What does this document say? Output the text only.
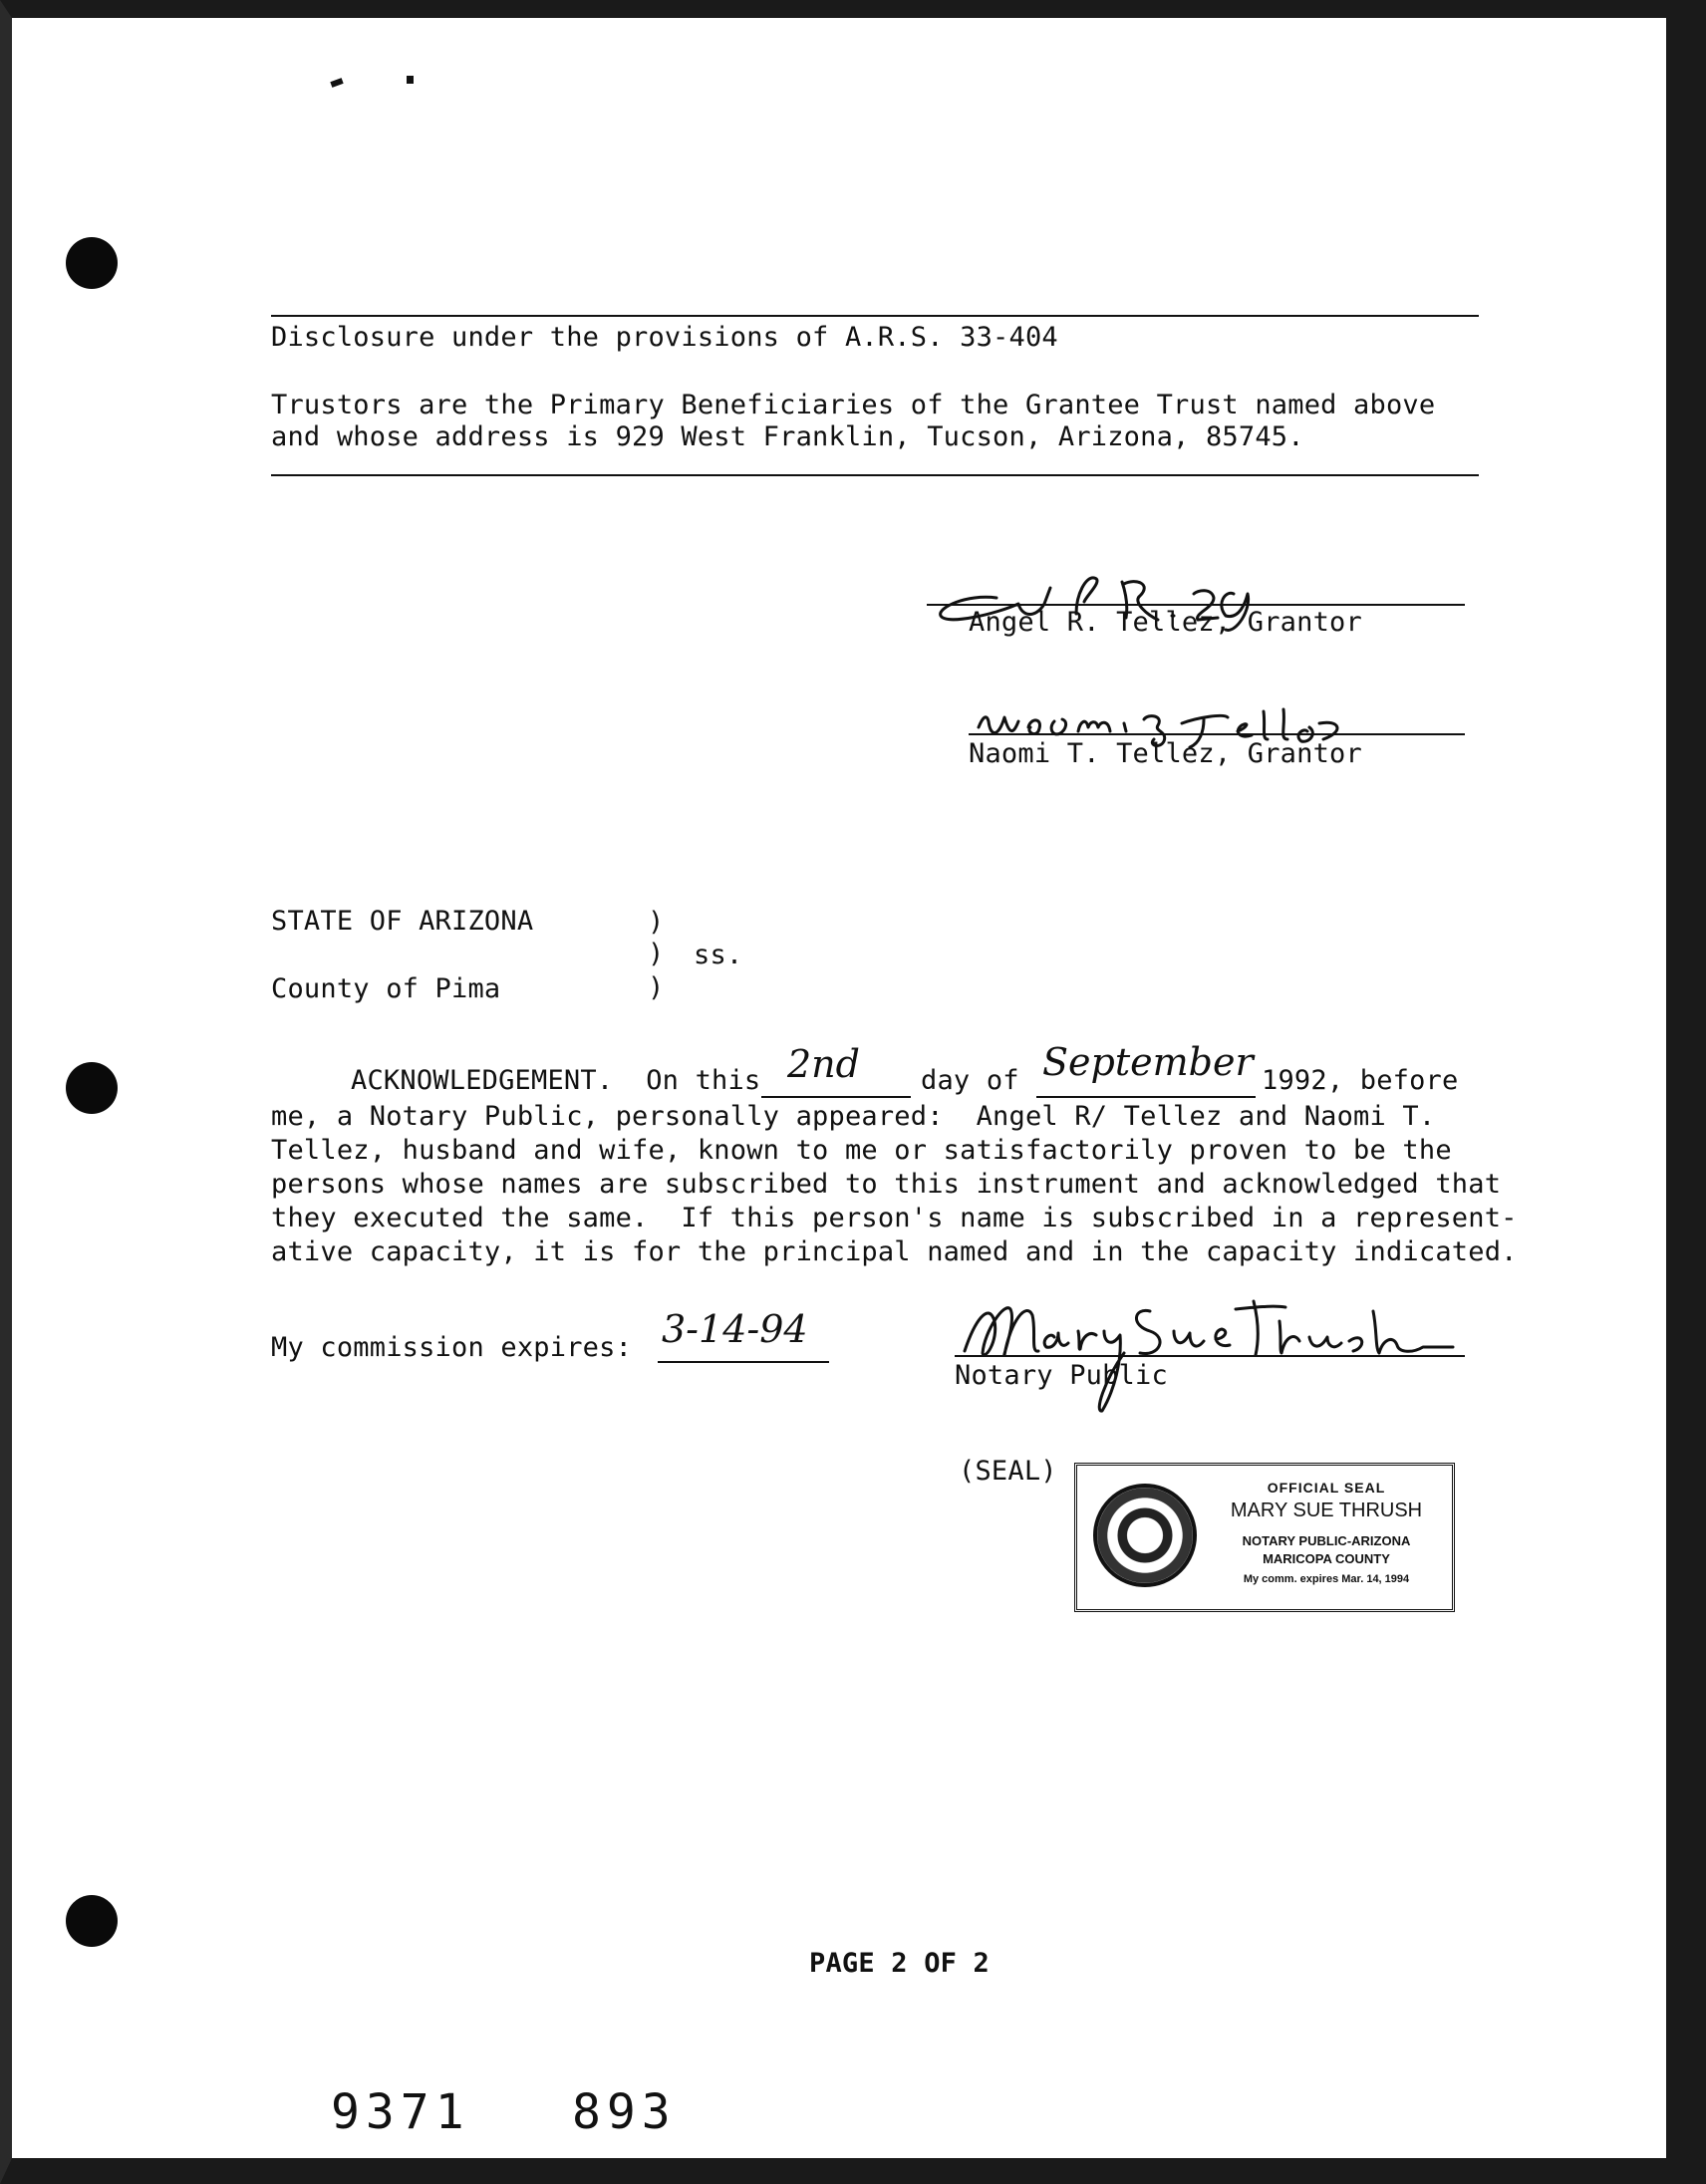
Disclosure under the provisions of A.R.S. 33-404
Trustors are the Primary Beneficiaries of the Grantee Trust named above
and whose address is 929 West Franklin, Tucson, Arizona, 85745.
Angel R. Tellez, Grantor
Naomi T. Tellez, Grantor
STATE OF ARIZONA	)
) ss.
)
County of Pima
ACKNOWLEDGEMENT.  On this 2nd day of September 1992, before
me, a Notary Public, personally appeared:  Angel R/ Tellez and Naomi T.
Tellez, husband and wife, known to me or satisfactorily proven to be the
persons whose names are subscribed to this instrument and acknowledged that
they executed the same.  If this person's name is subscribed in a represent-
ative capacity, it is for the principal named and in the capacity indicated.
My commission expires: 3-14-94
Notary Public
(SEAL)
OFFICIAL SEAL
MARY SUE THRUSH
NOTARY PUBLIC-ARIZONA
MARICOPA COUNTY
My comm. expires Mar. 14, 1994
PAGE 2 OF 2
9371 893
